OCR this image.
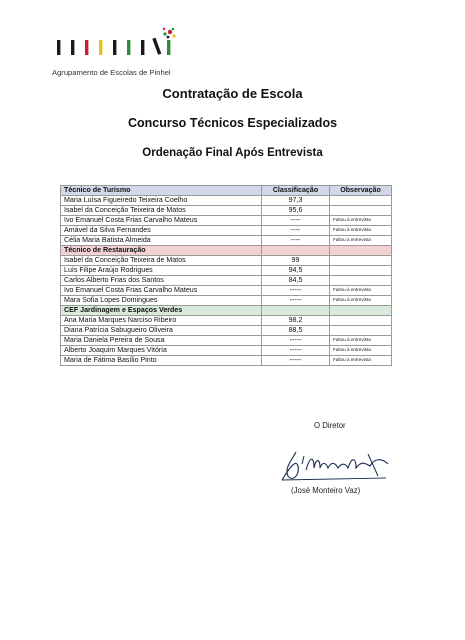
Agrupamento de Escolas de Pinhel
Contratação de Escola
Concurso Técnicos Especializados
Ordenação Final Após Entrevista
Técnico de Turismo	Classificação	Observação
Maria Luísa Figueiredo Teixeira Coelho	97,3	
Isabel da Conceição Teixeira de Matos	95,6	
Ivo Emanuel Costa Frias Carvalho Mateus	----	Faltou à entrevista
Amável da Silva Fernandes	----	Faltou à entrevista
Célia Maria Batista Almeida	----	Faltou à entrevista
Técnico de Restauração		
Isabel da Conceição Teixeira de Matos	99	
Luís Filipe Araújo Rodrigues	94,5	
Carlos Alberto Frias dos Santos	84,5	
Ivo Emanuel Costa Frias Carvalho Mateus	-----	Faltou à entrevista
Mara Sofia Lopes Domingues	-----	Faltou à entrevista
CEF Jardinagem e Espaços Verdes		
Ana Maria Marques Narciso Ribeiro	98,2	
Diana Patrícia Sabugueiro Oliveira	88,5	
Maria Daniela Pereira de Sousa	-----	Faltou à entrevista
Alberto Joaquim Marques Vitória	-----	Faltou à entrevista
Maria de Fátima Basílio Pinto	-----	Faltou à entrevista
O Diretor
(José Monteiro Vaz)
